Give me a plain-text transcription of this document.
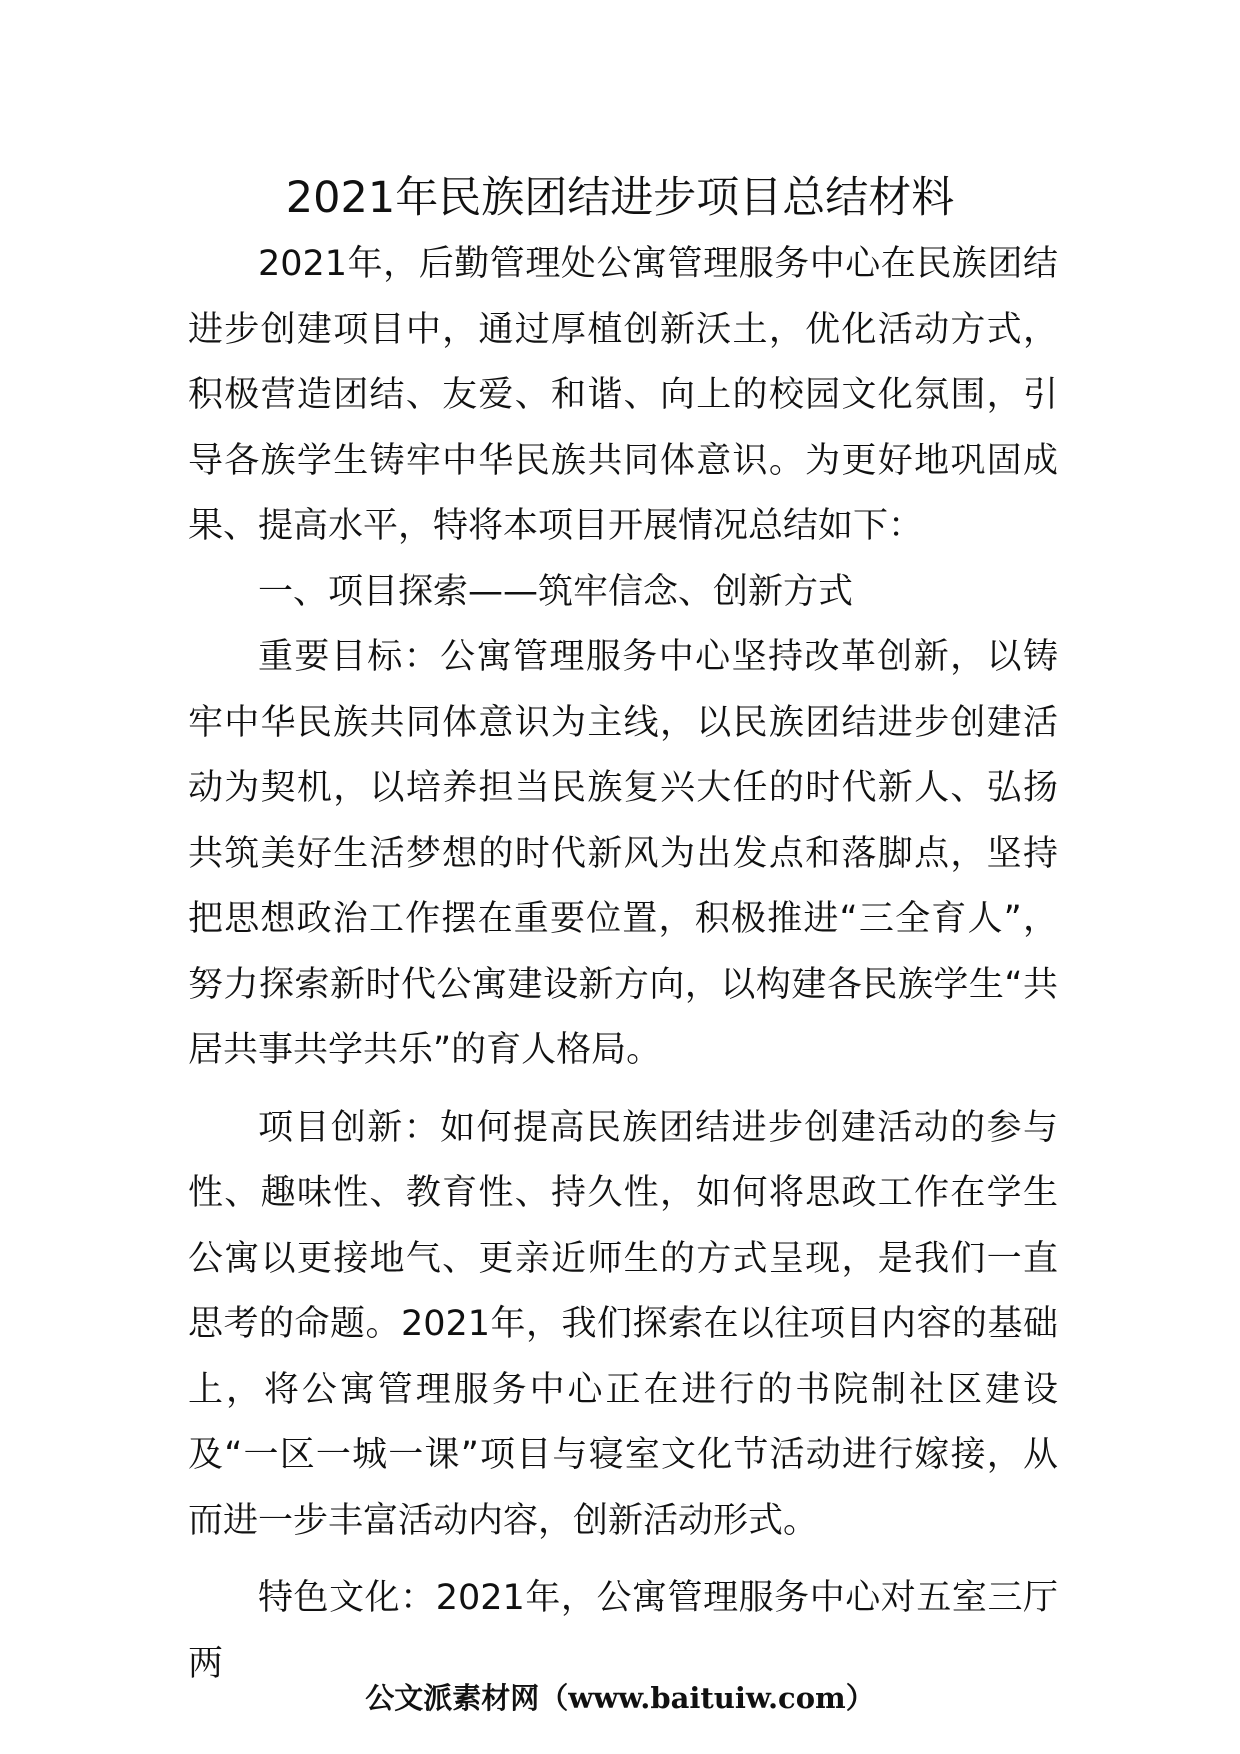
2021年民族团结进步项目总结材料

2021年，后勤管理处公寓管理服务中心在民族团结进步创建项目中，通过厚植创新沃土，优化活动方式，积极营造团结、友爱、和谐、向上的校园文化氛围，引导各族学生铸牢中华民族共同体意识。为更好地巩固成果、提高水平，特将本项目开展情况总结如下：

一、项目探索——筑牢信念、创新方式

重要目标：公寓管理服务中心坚持改革创新，以铸牢中华民族共同体意识为主线，以民族团结进步创建活动为契机，以培养担当民族复兴大任的时代新人、弘扬共筑美好生活梦想的时代新风为出发点和落脚点，坚持把思想政治工作摆在重要位置，积极推进“三全育人”，努力探索新时代公寓建设新方向，以构建各民族学生“共居共事共学共乐”的育人格局。

项目创新：如何提高民族团结进步创建活动的参与性、趣味性、教育性、持久性，如何将思政工作在学生公寓以更接地气、更亲近师生的方式呈现，是我们一直思考的命题。2021年，我们探索在以往项目内容的基础上，将公寓管理服务中心正在进行的书院制社区建设及“一区一城一课”项目与寝室文化节活动进行嫁接，从而进一步丰富活动内容，创新活动形式。

特色文化：2021年，公寓管理服务中心对五室三厅两

公文派素材网（www.baituiw.com）
